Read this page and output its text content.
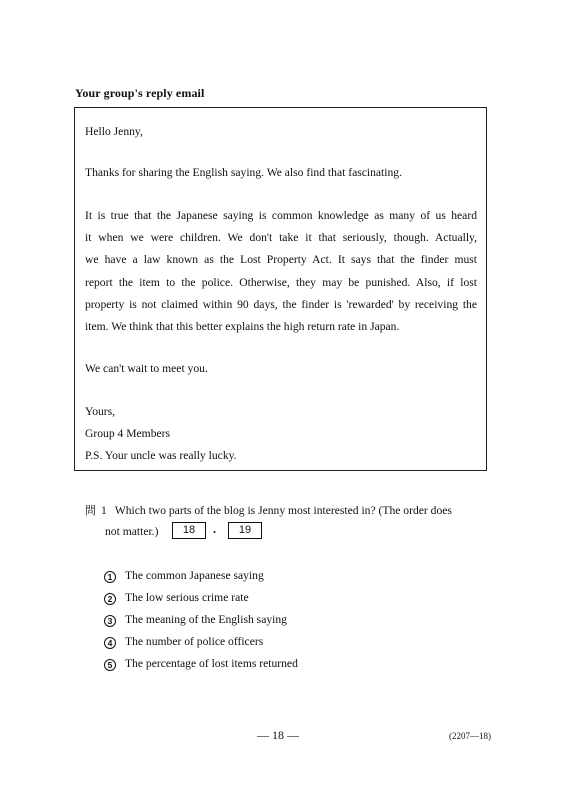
Your group's reply email
Hello Jenny,
Thanks for sharing the English saying. We also find that fascinating.
It is true that the Japanese saying is common knowledge as many of us heard
it when we were children. We don't take it that seriously, though. Actually,
we have a law known as the Lost Property Act. It says that the finder must
report the item to the police. Otherwise, they may be punished. Also, if lost
property is not claimed within 90 days, the finder is 'rewarded' by receiving the
item. We think that this better explains the high return rate in Japan.
We can't wait to meet you.
Yours,
Group 4 Members
P.S. Your uncle was really lucky.
問 1 Which two parts of the blog is Jenny most interested in? (The order does
not matter.)	18	・	19
1 The common Japanese saying
2 The low serious crime rate
3 The meaning of the English saying
4 The number of police officers
5 The percentage of lost items returned
— 18 —	(2207—18)
